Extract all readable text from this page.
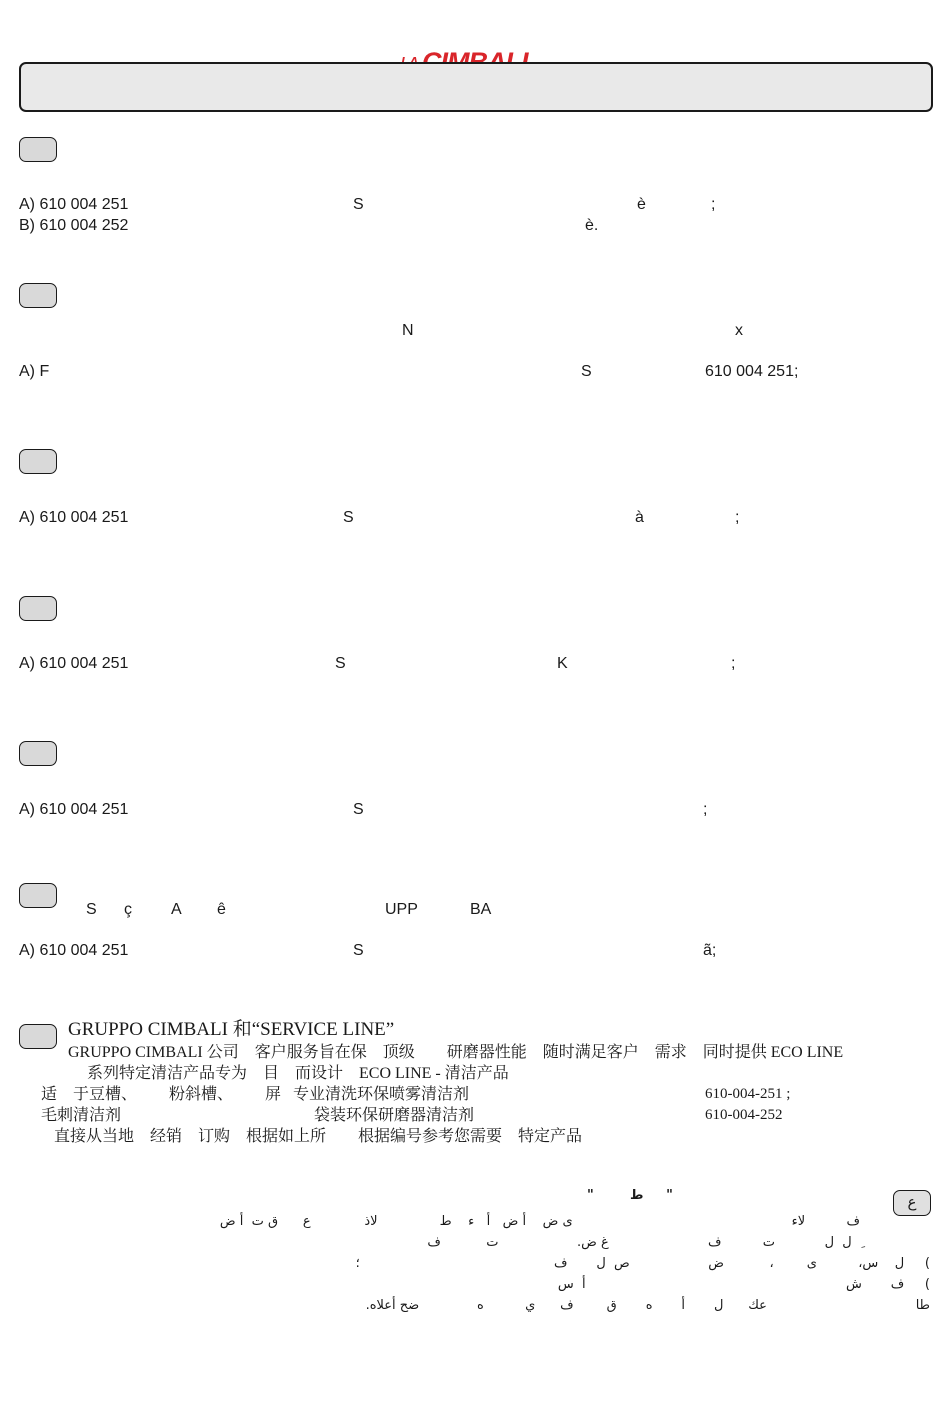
A) 610 004 251	S	è	;
B) 610 004 252	è.
N	x
A) F	S	610 004 251;
A) 610 004 251	S	à	;
A) 610 004 251	S	K	;
A) 610 004 251	S	;
S ç A ê	UPP	BA
A) 610 004 251	S	ã;
GRUPPO CIMBALI 和“SERVICE LINE”
GRUPPO CIMBALI 公司    客户服务旨在保    顶级        研磨器性能    随时满足客户    需求    同时提供 ECO LINE
系列特定清洁产品专为    目    而设计    ECO LINE - 清洁产品
适    于豆槽、        粉斜槽、        屏   专业清洗环保喷雾清洁剂	610-004-251 ;
毛刺清洁剂	袋装环保研磨器清洁剂	610-004-252
直接从当地    经销    订购    根据如上所        根据编号参考您需要    特定产品
ع
"        ط     "
ف          لاء                                                     ى ض    أ ض   أ   ء    ط               لاذ             ع      ق ت  أ ض
ِ  ل  ل            ت          ف                        غ ض.                   ت           ف
)     ل    س،          ى        ،           ض                   ص  ل       ف                                               ؛
)     ف       ش                                                               أ  س
طا                                    عك      ل       أ       ه       ق        ف      ي          ه              ضح أعلاه.
